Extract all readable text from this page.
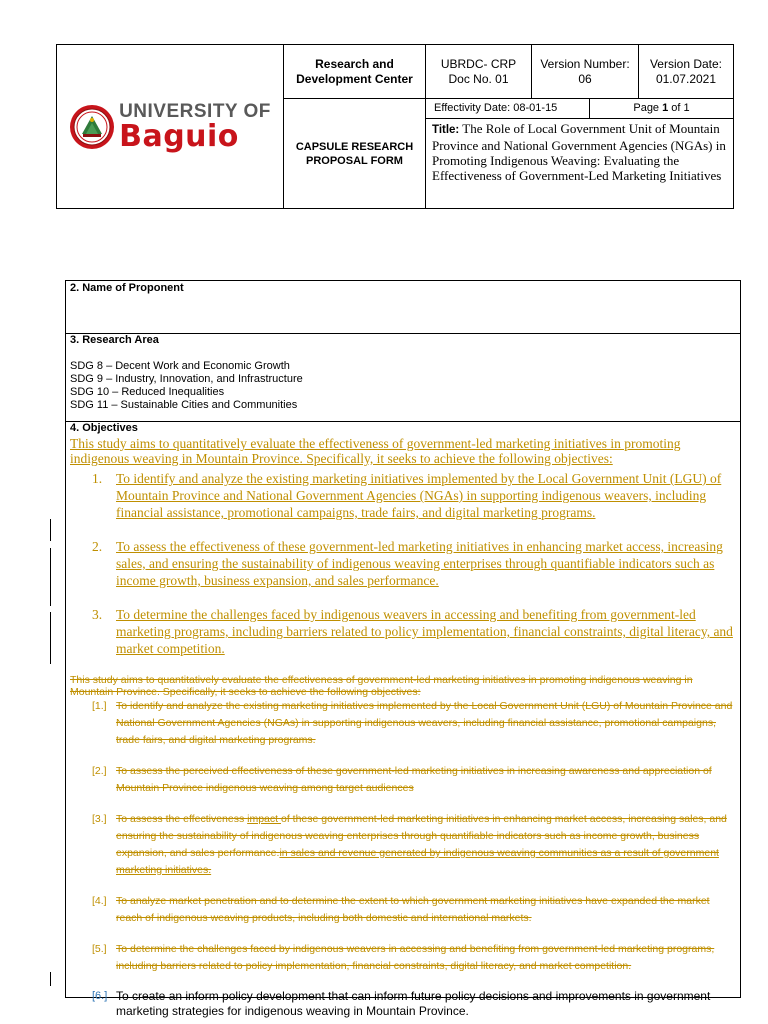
UNIVERSITY OF
Baguio
Research and Development Center
UBRDC- CRP
Doc No. 01
Version Number:
06
Version Date:
01.07.2021
CAPSULE RESEARCH PROPOSAL FORM
Effectivity Date: 08-01-15	Page 1 of 1
Title: The Role of Local Government Unit of Mountain Province and National Government Agencies (NGAs) in Promoting Indigenous Weaving: Evaluating the Effectiveness of Government-Led Marketing Initiatives
2. Name of Proponent
3. Research Area
SDG 8 – Decent Work and Economic Growth
SDG 9 – Industry, Innovation, and Infrastructure
SDG 10 – Reduced Inequalities
SDG 11 – Sustainable Cities and Communities
4. Objectives
This study aims to quantitatively evaluate the effectiveness of government-led marketing initiatives in promoting indigenous weaving in Mountain Province. Specifically, it seeks to achieve the following objectives:
1. To identify and analyze the existing marketing initiatives implemented by the Local Government Unit (LGU) of Mountain Province and National Government Agencies (NGAs) in supporting indigenous weavers, including financial assistance, promotional campaigns, trade fairs, and digital marketing programs.
2. To assess the effectiveness of these government-led marketing initiatives in enhancing market access, increasing sales, and ensuring the sustainability of indigenous weaving enterprises through quantifiable indicators such as income growth, business expansion, and sales performance.
3. To determine the challenges faced by indigenous weavers in accessing and benefiting from government-led marketing programs, including barriers related to policy implementation, financial constraints, digital literacy, and market competition.
This study aims to quantitatively evaluate the effectiveness of government-led marketing initiatives in promoting indigenous weaving in Mountain Province. Specifically, it seeks to achieve the following objectives:
[1.] To identify and analyze the existing marketing initiatives implemented by the Local Government Unit (LGU) of Mountain Province and National Government Agencies (NGAs) in supporting indigenous weavers, including financial assistance, promotional campaigns, trade fairs, and digital marketing programs.
[2.] To assess the perceived effectiveness of these government-led marketing initiatives in increasing awareness and appreciation of Mountain Province indigenous weaving among target audiences
[3.] To assess the effectiveness impact of these government-led marketing initiatives in enhancing market access, increasing sales, and ensuring the sustainability of indigenous weaving enterprises through quantifiable indicators such as income growth, business expansion, and sales performance.in sales and revenue generated by indigenous weaving communities as a result of government marketing initiatives.
[4.] To analyze market penetration and to determine the extent to which government marketing initiatives have expanded the market reach of indigenous weaving products, including both domestic and international markets.
[5.] To determine the challenges faced by indigenous weavers in accessing and benefiting from government-led marketing programs, including barriers related to policy implementation, financial constraints, digital literacy, and market competition.
[6.] To create an inform policy development that can inform future policy decisions and improvements in government marketing strategies for indigenous weaving in Mountain Province.
